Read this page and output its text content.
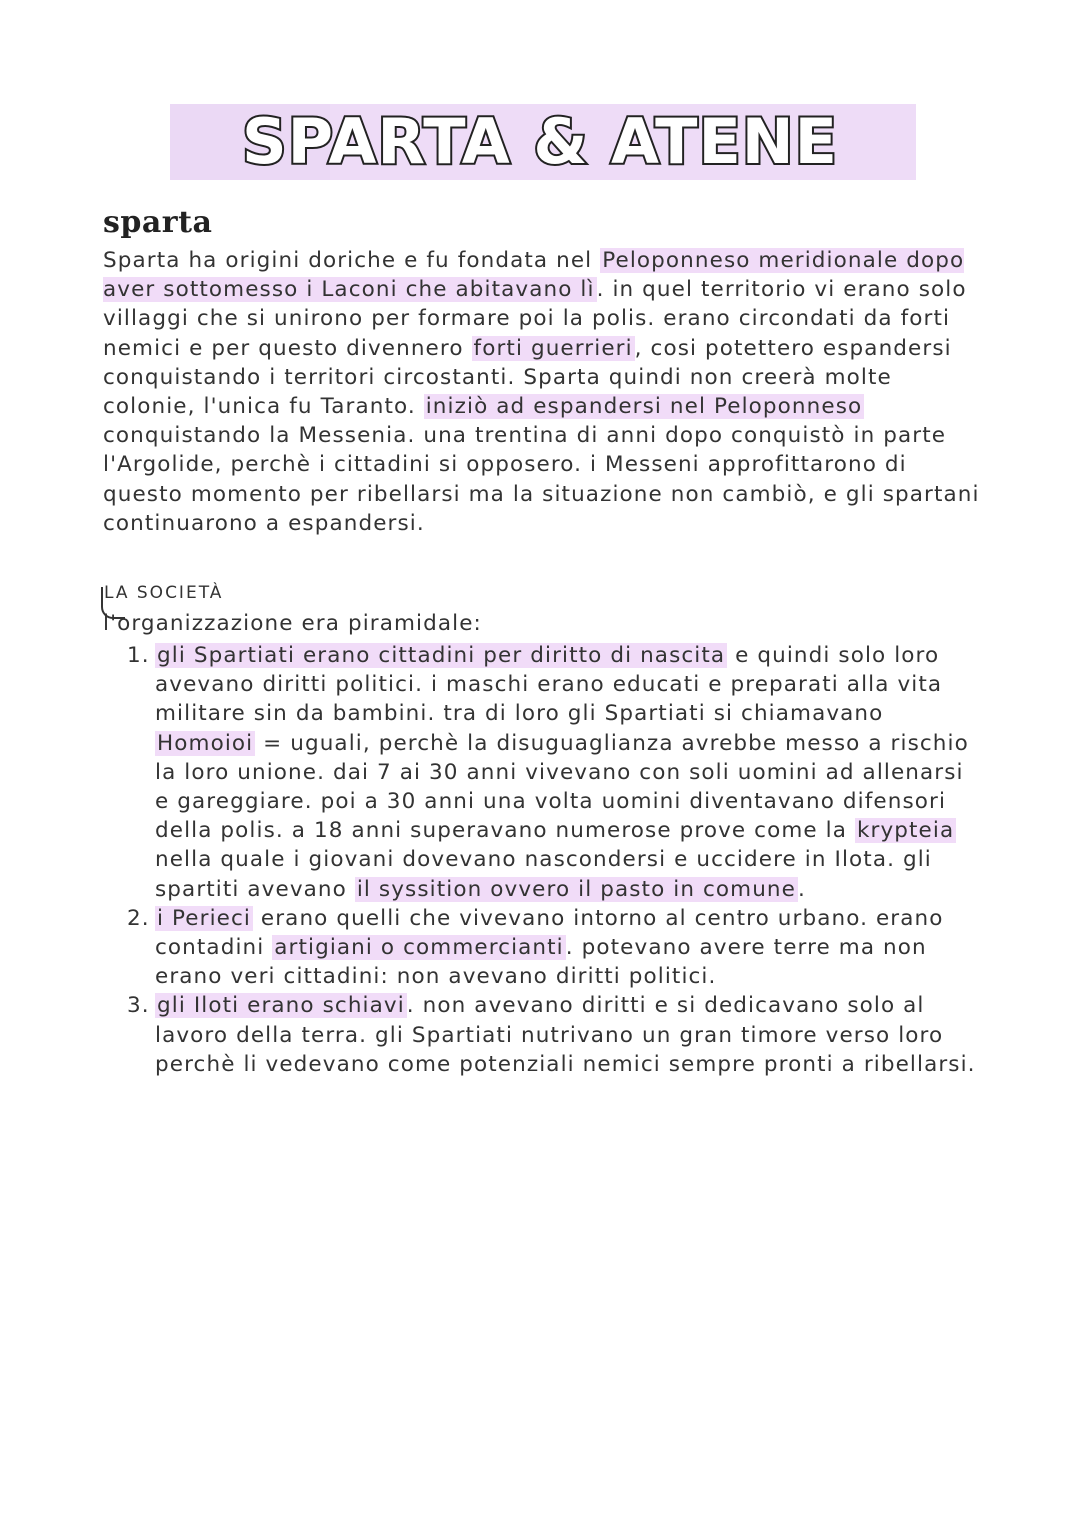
SPARTA & ATENE
sparta
Sparta ha origini doriche e fu fondata nel Peloponneso meridionale dopo aver sottomesso i Laconi che abitavano lì. in quel territorio vi erano solo villaggi che si unirono per formare poi la polis. erano circondati da forti nemici e per questo divennero forti guerrieri, cosi potettero espandersi conquistando i territori circostanti. Sparta quindi non creerà molte colonie, l'unica fu Taranto. iniziò ad espandersi nel Peloponneso conquistando la Messenia. una trentina di anni dopo conquistò in parte l'Argolide, perchè i cittadini si opposero. i Messeni approfittarono di questo momento per ribellarsi ma la situazione non cambiò, e gli spartani continuarono a espandersi.
LA SOCIETÀ
l'organizzazione era piramidale:
1. gli Spartiati erano cittadini per diritto di nascita e quindi solo loro avevano diritti politici. i maschi erano educati e preparati alla vita militare sin da bambini. tra di loro gli Spartiati si chiamavano Homoioi = uguali, perchè la disuguaglianza avrebbe messo a rischio la loro unione. dai 7 ai 30 anni vivevano con soli uomini ad allenarsi e gareggiare. poi a 30 anni una volta uomini diventavano difensori della polis. a 18 anni superavano numerose prove come la krypteia nella quale i giovani dovevano nascondersi e uccidere in Ilota. gli spartiti avevano il syssition ovvero il pasto in comune.
2. i Perieci erano quelli che vivevano intorno al centro urbano. erano contadini artigiani o commercianti. potevano avere terre ma non erano veri cittadini: non avevano diritti politici.
3. gli Iloti erano schiavi. non avevano diritti e si dedicavano solo al lavoro della terra. gli Spartiati nutrivano un gran timore verso loro perchè li vedevano come potenziali nemici sempre pronti a ribellarsi.
